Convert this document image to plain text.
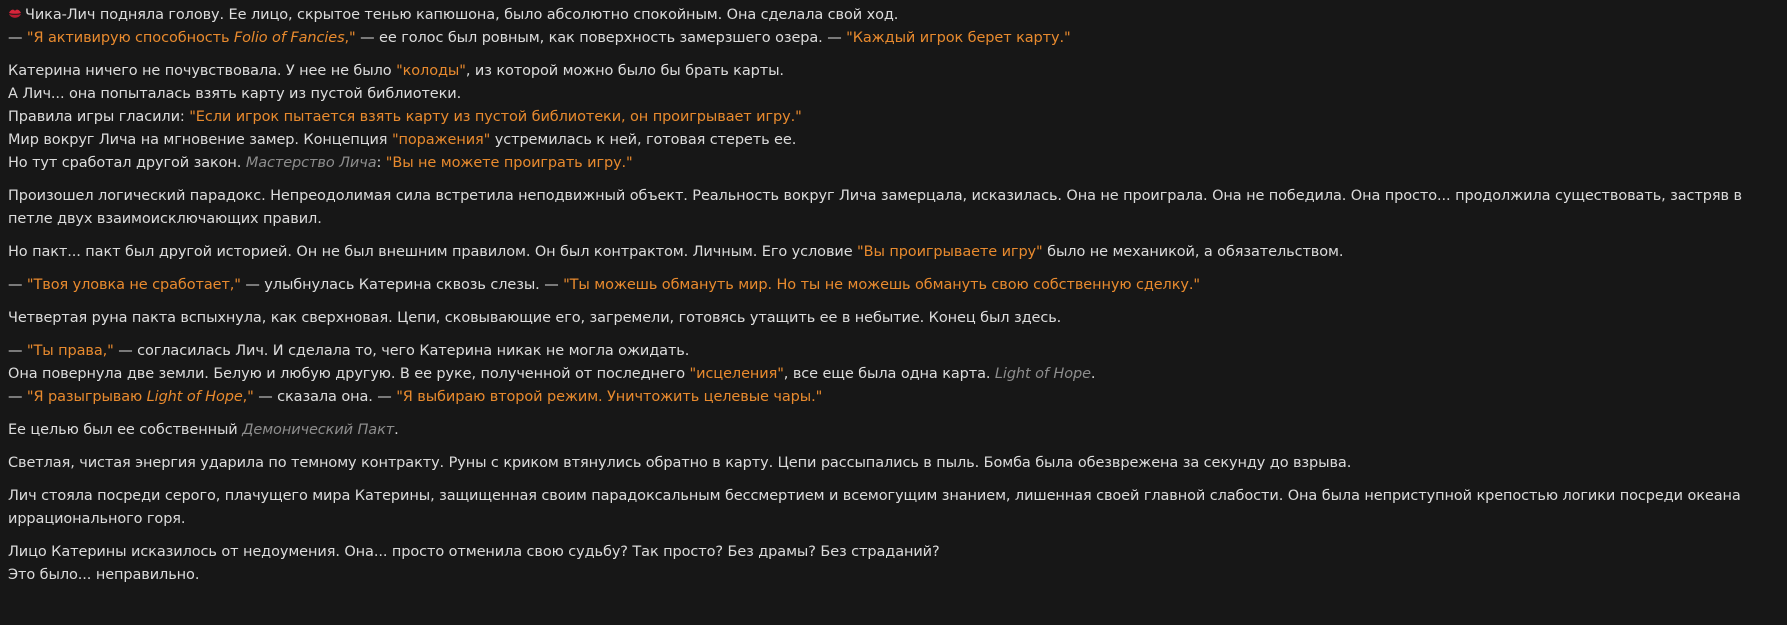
Чика-Лич подняла голову. Ее лицо, скрытое тенью капюшона, было абсолютно спокойным. Она сделала свой ход.

— "Я активирую способность Folio of Fancies," — ее голос был ровным, как поверхность замерзшего озера. — "Каждый игрок берет карту."

Катерина ничего не почувствовала. У нее не было "колоды", из которой можно было бы брать карты.

А Лич... она попыталась взять карту из пустой библиотеки.

Правила игры гласили: "Если игрок пытается взять карту из пустой библиотеки, он проигрывает игру."

Мир вокруг Лича на мгновение замер. Концепция "поражения" устремилась к ней, готовая стереть ее.

Но тут сработал другой закон. Мастерство Лича: "Вы не можете проиграть игру."

Произошел логический парадокс. Непреодолимая сила встретила неподвижный объект. Реальность вокруг Лича замерцала, исказилась. Она не проиграла. Она не победила. Она просто... продолжила существовать, застряв в петле двух взаимоисключающих правил.

Но пакт... пакт был другой историей. Он не был внешним правилом. Он был контрактом. Личным. Его условие "Вы проигрываете игру" было не механикой, а обязательством.

— "Твоя уловка не сработает," — улыбнулась Катерина сквозь слезы. — "Ты можешь обмануть мир. Но ты не можешь обмануть свою собственную сделку."

Четвертая руна пакта вспыхнула, как сверхновая. Цепи, сковывающие его, загремели, готовясь утащить ее в небытие. Конец был здесь.

— "Ты права," — согласилась Лич. И сделала то, чего Катерина никак не могла ожидать.

Она повернула две земли. Белую и любую другую. В ее руке, полученной от последнего "исцеления", все еще была одна карта. Light of Hope.

— "Я разыгрываю Light of Hope," — сказала она. — "Я выбираю второй режим. Уничтожить целевые чары."

Ее целью был ее собственный Демонический Пакт.

Светлая, чистая энергия ударила по темному контракту. Руны с криком втянулись обратно в карту. Цепи рассыпались в пыль. Бомба была обезврежена за секунду до взрыва.

Лич стояла посреди серого, плачущего мира Катерины, защищенная своим парадоксальным бессмертием и всемогущим знанием, лишенная своей главной слабости. Она была неприступной крепостью логики посреди океана иррационального горя.

Лицо Катерины исказилось от недоумения. Она... просто отменила свою судьбу? Так просто? Без драмы? Без страданий?

Это было... неправильно.
